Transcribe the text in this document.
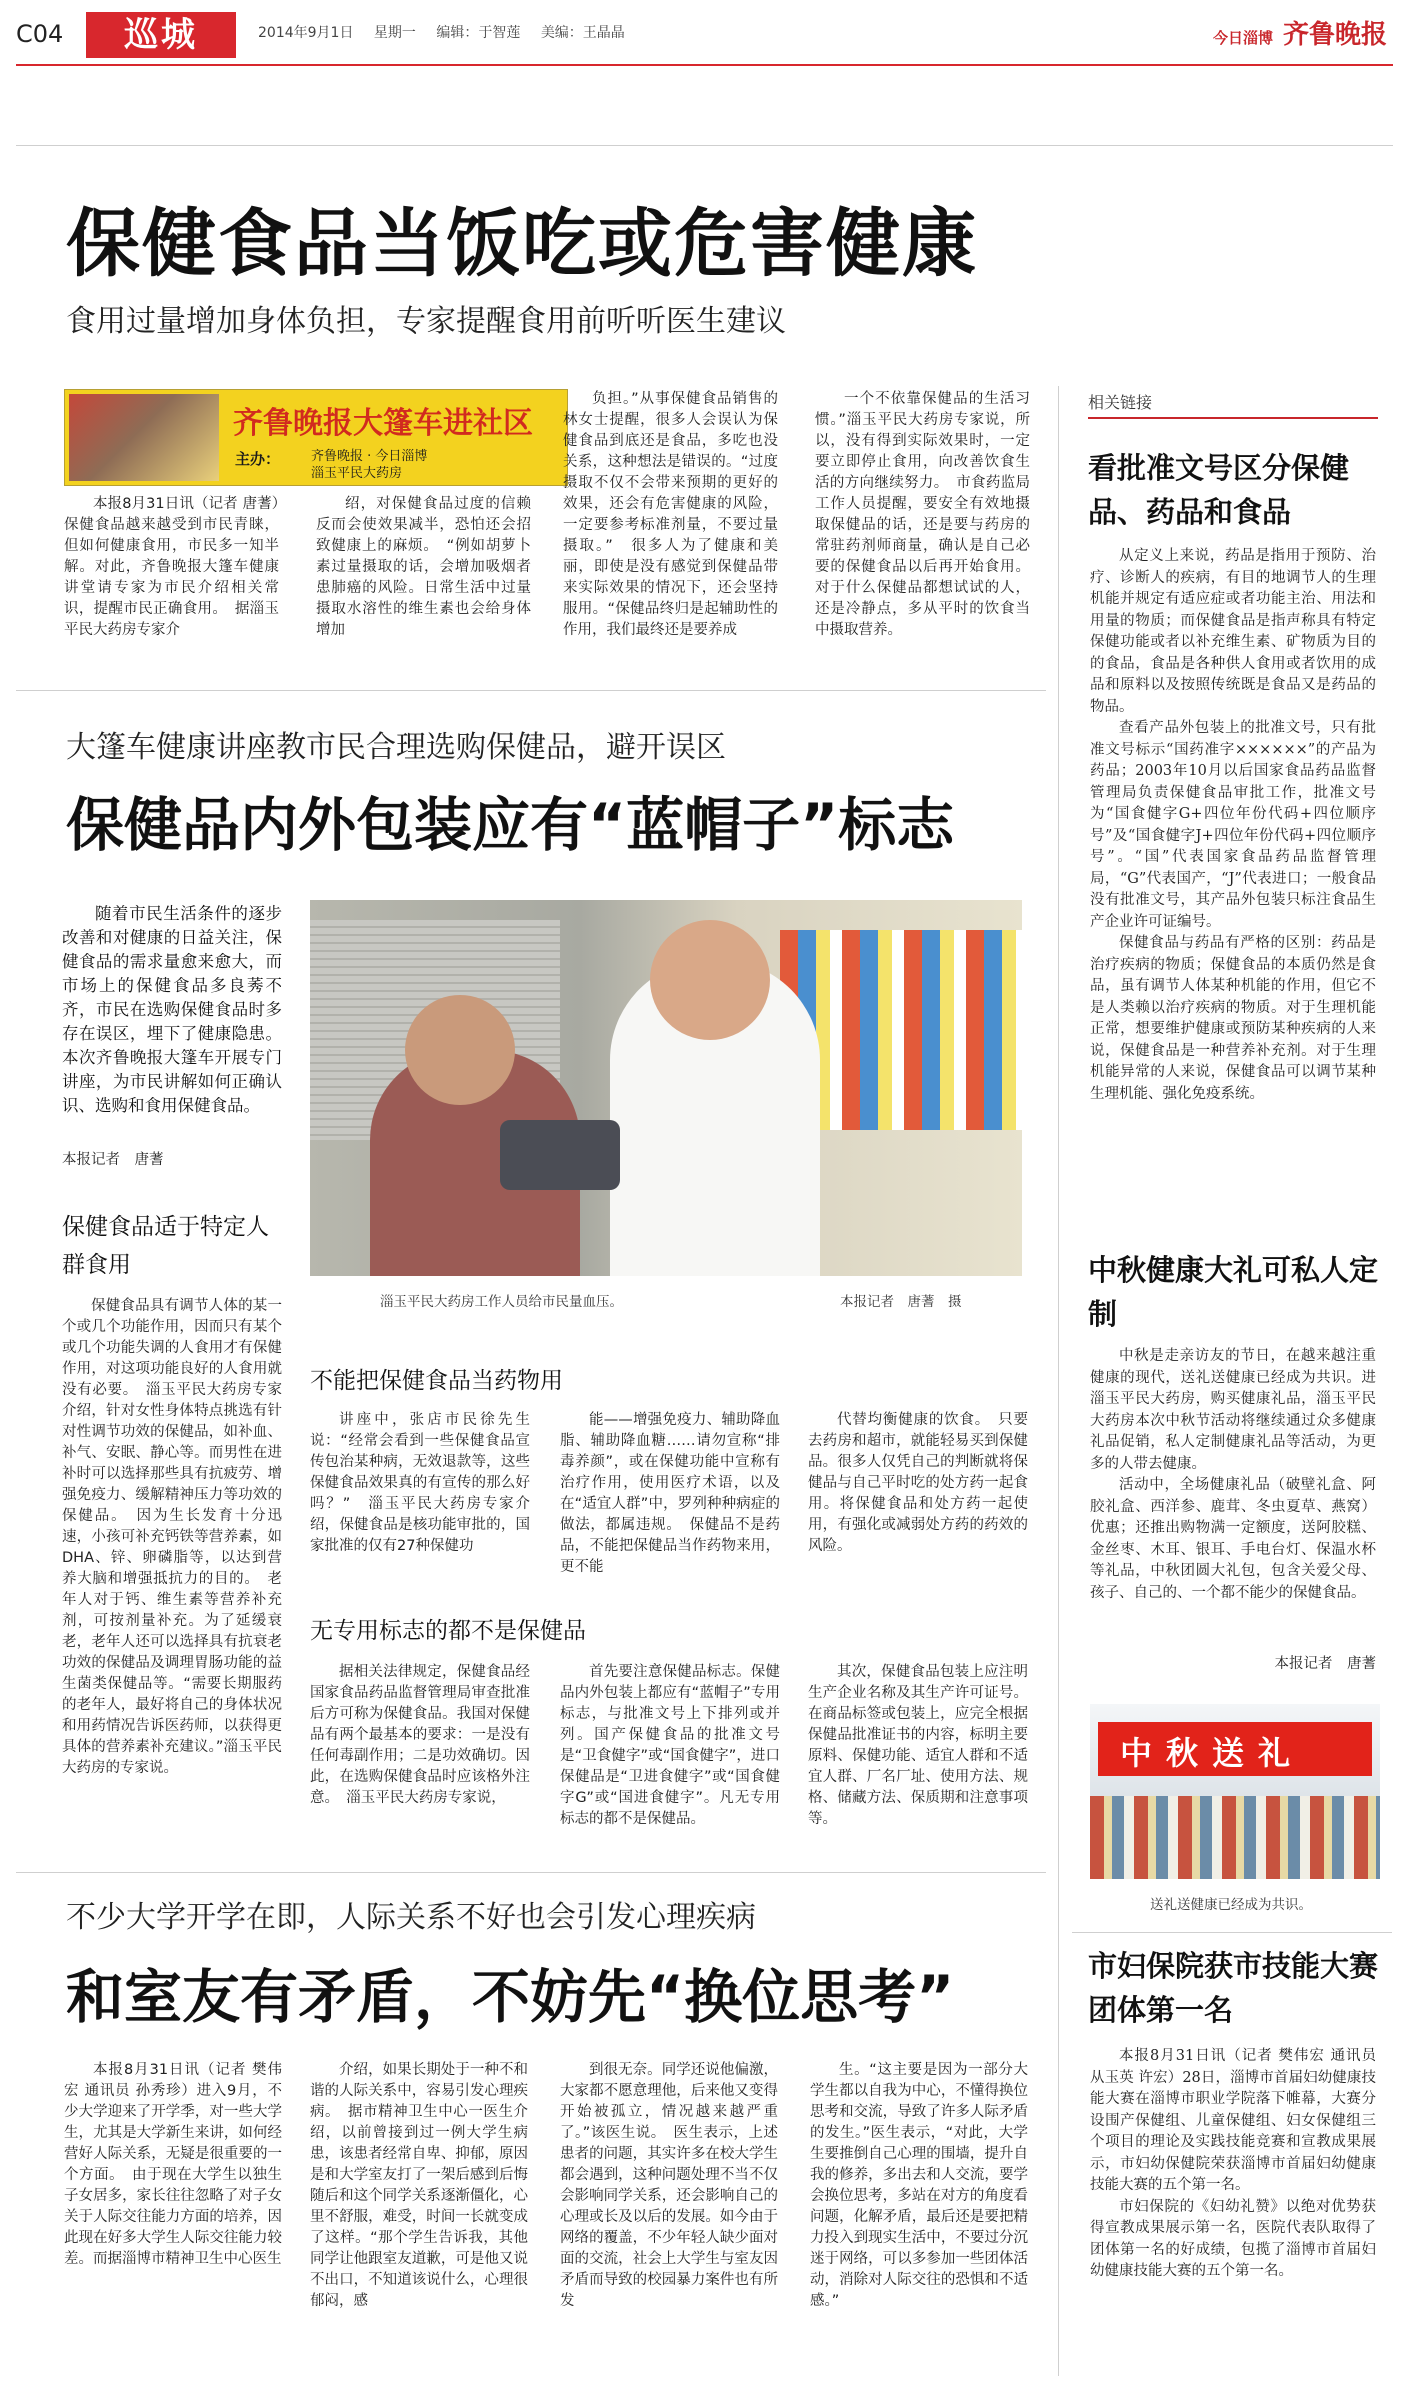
C04	巡城	2014年9月1日 星期一 编辑：于智莲 美编：王晶晶	今日淄博 齐鲁晚报
保健食品当饭吃或危害健康
食用过量增加身体负担，专家提醒食用前听听医生建议
齐鲁晚报大篷车进社区
主办： 齐鲁晚报 · 今日淄博
淄玉平民大药房

本报8月31日讯（记者 唐蓍）保健食品越来越受到市民青睐，但如何健康食用，市民多一知半解。对此，齐鲁晚报大篷车健康讲堂请专家为市民介绍相关常识，提醒市民正确食用。　据淄玉平民大药房专家介

绍，对保健食品过度的信赖反而会使效果减半，恐怕还会招致健康上的麻烦。　“例如胡萝卜素过量摄取的话，会增加吸烟者患肺癌的风险。日常生活中过量摄取水溶性的维生素也会给身体增加

负担。”从事保健食品销售的林女士提醒，很多人会误认为保健食品到底还是食品，多吃也没关系，这种想法是错误的。“过度摄取不仅不会带来预期的更好的效果，还会有危害健康的风险，一定要参考标准剂量，不要过量摄取。”　很多人为了健康和美丽，即使是没有感觉到保健品带来实际效果的情况下，还会坚持服用。“保健品终归是起辅助性的作用，我们最终还是要养成

一个不依靠保健品的生活习惯。”淄玉平民大药房专家说，所以，没有得到实际效果时，一定要立即停止食用，向改善饮食生活的方向继续努力。　市食药监局工作人员提醒，要安全有效地摄取保健品的话，还是要与药房的常驻药剂师商量，确认是自己必要的保健食品以后再开始食用。对于什么保健品都想试试的人，还是冷静点，多从平时的饮食当中摄取营养。

相关链接
看批准文号区分保健品、药品和食品

从定义上来说，药品是指用于预防、治疗、诊断人的疾病，有目的地调节人的生理机能并规定有适应症或者功能主治、用法和用量的物质；而保健食品是指声称具有特定保健功能或者以补充维生素、矿物质为目的的食品，食品是各种供人食用或者饮用的成品和原料以及按照传统既是食品又是药品的物品。

查看产品外包装上的批准文号，只有批准文号标示“国药准字××××××”的产品为药品；2003年10月以后国家食品药品监督管理局负责保健食品审批工作，批准文号为“国食健字G+四位年份代码+四位顺序号”及“国食健字J+四位年份代码+四位顺序号”。“国”代表国家食品药品监督管理局，“G”代表国产，“J”代表进口；一般食品没有批准文号，其产品外包装只标注食品生产企业许可证编号。

保健食品与药品有严格的区别：药品是治疗疾病的物质；保健食品的本质仍然是食品，虽有调节人体某种机能的作用，但它不是人类赖以治疗疾病的物质。对于生理机能正常，想要维护健康或预防某种疾病的人来说，保健食品是一种营养补充剂。对于生理机能异常的人来说，保健食品可以调节某种生理机能、强化免疫系统。

中秋健康大礼可私人定制

中秋是走亲访友的节日，在越来越注重健康的现代，送礼送健康已经成为共识。进淄玉平民大药房，购买健康礼品，淄玉平民大药房本次中秋节活动将继续通过众多健康礼品促销，私人定制健康礼品等活动，为更多的人带去健康。

活动中，全场健康礼品（破壁礼盒、阿胶礼盒、西洋参、鹿茸、冬虫夏草、燕窝）优惠；还推出购物满一定额度，送阿胶糕、金丝枣、木耳、银耳、手电台灯、保温水杯等礼品，中秋团圆大礼包，包含关爱父母、孩子、自己的、一个都不能少的保健食品。

本报记者　唐蓍
中秋送礼
送礼送健康已经成为共识。
市妇保院获市技能大赛团体第一名

本报8月31日讯（记者 樊伟宏 通讯员 从玉英 许宏）28日，淄博市首届妇幼健康技能大赛在淄博市职业学院落下帷幕，大赛分设围产保健组、儿童保健组、妇女保健组三个项目的理论及实践技能竞赛和宣教成果展示，市妇幼保健院荣获淄博市首届妇幼健康技能大赛的五个第一名。

市妇保院的《妇幼礼赞》以绝对优势获得宣教成果展示第一名，医院代表队取得了团体第一名的好成绩，包揽了淄博市首届妇幼健康技能大赛的五个第一名。

大篷车健康讲座教市民合理选购保健品，避开误区
保健品内外包装应有“蓝帽子”标志
随着市民生活条件的逐步改善和对健康的日益关注，保健食品的需求量愈来愈大，而市场上的保健食品多良莠不齐，市民在选购保健食品时多存在误区，埋下了健康隐患。本次齐鲁晚报大篷车开展专门讲座，为市民讲解如何正确认识、选购和食用保健食品。
本报记者　唐蓍
淄玉平民大药房工作人员给市民量血压。	本报记者　唐蓍　摄
保健食品适于特定人群食用

保健食品具有调节人体的某一个或几个功能作用，因而只有某个或几个功能失调的人食用才有保健作用，对这项功能良好的人食用就没有必要。　淄玉平民大药房专家介绍，针对女性身体特点挑选有针对性调节功效的保健品，如补血、补气、安眠、静心等。而男性在进补时可以选择那些具有抗疲劳、增强免疫力、缓解精神压力等功效的保健品。　因为生长发育十分迅速，小孩可补充钙铁等营养素，如DHA、锌、卵磷脂等，以达到营养大脑和增强抵抗力的目的。　老年人对于钙、维生素等营养补充剂，可按剂量补充。为了延缓衰老，老年人还可以选择具有抗衰老功效的保健品及调理胃肠功能的益生菌类保健品等。“需要长期服药的老年人，最好将自己的身体状况和用药情况告诉医药师，以获得更具体的营养素补充建议。”淄玉平民大药房的专家说。

不能把保健食品当药物用

讲座中，张店市民徐先生说：“经常会看到一些保健食品宣传包治某种病，无效退款等，这些保健食品效果真的有宣传的那么好吗？”　淄玉平民大药房专家介绍，保健食品是核功能审批的，国家批准的仅有27种保健功

能——增强免疫力、辅助降血脂、辅助降血糖……请勿宣称“排毒养颜”，或在保健功能中宣称有治疗作用，使用医疗术语，以及在“适宜人群”中，罗列种种病症的做法，都属违规。　保健品不是药品，不能把保健品当作药物来用，更不能

代替均衡健康的饮食。　只要去药房和超市，就能轻易买到保健品。很多人仅凭自己的判断就将保健品与自己平时吃的处方药一起食用。将保健食品和处方药一起使用，有强化或减弱处方药的药效的风险。

无专用标志的都不是保健品

据相关法律规定，保健食品经国家食品药品监督管理局审查批准后方可称为保健食品。我国对保健品有两个最基本的要求：一是没有任何毒副作用；二是功效确切。因此，在选购保健食品时应该格外注意。　淄玉平民大药房专家说，

首先要注意保健品标志。保健品内外包装上都应有“蓝帽子”专用标志，与批准文号上下排列或并列。国产保健食品的批准文号是“卫食健字”或“国食健字”，进口保健品是“卫进食健字”或“国食健字G”或“国进食健字”。凡无专用标志的都不是保健品。

其次，保健食品包装上应注明生产企业名称及其生产许可证号。在商品标签或包装上，应完全根据保健品批准证书的内容，标明主要原料、保健功能、适宜人群和不适宜人群、厂名厂址、使用方法、规格、储藏方法、保质期和注意事项等。

不少大学开学在即，人际关系不好也会引发心理疾病
和室友有矛盾，不妨先“换位思考”

本报8月31日讯（记者 樊伟宏 通讯员 孙秀珍）进入9月，不少大学迎来了开学季，对一些大学生，尤其是大学新生来讲，如何经营好人际关系，无疑是很重要的一个方面。　由于现在大学生以独生子女居多，家长往往忽略了对子女关于人际交往能力方面的培养，因此现在好多大学生人际交往能力较差。而据淄博市精神卫生中心医生

介绍，如果长期处于一种不和谐的人际关系中，容易引发心理疾病。　据市精神卫生中心一医生介绍，以前曾接到过一例大学生病患，该患者经常自卑、抑郁，原因是和大学室友打了一架后感到后悔随后和这个同学关系逐渐僵化，心里不舒服，难受，时间一长就变成了这样。“那个学生告诉我，其他同学让他跟室友道歉，可是他又说不出口，不知道该说什么，心理很郁闷，感

到很无奈。同学还说他偏激，大家都不愿意理他，后来他又变得开始被孤立，情况越来越严重了。”该医生说。　医生表示，上述患者的问题，其实许多在校大学生都会遇到，这种问题处理不当不仅会影响同学关系，还会影响自己的心理或长及以后的发展。如今由于网络的覆盖，不少年轻人缺少面对面的交流，社会上大学生与室友因矛盾而导致的校园暴力案件也有所发

生。“这主要是因为一部分大学生都以自我为中心，不懂得换位思考和交流，导致了许多人际矛盾的发生。”医生表示，“对此，大学生要推倒自己心理的围墙，提升自我的修养，多出去和人交流，要学会换位思考，多站在对方的角度看问题，化解矛盾，最后还是要把精力投入到现实生活中，不要过分沉迷于网络，可以多参加一些团体活动，消除对人际交往的恐惧和不适感。”
